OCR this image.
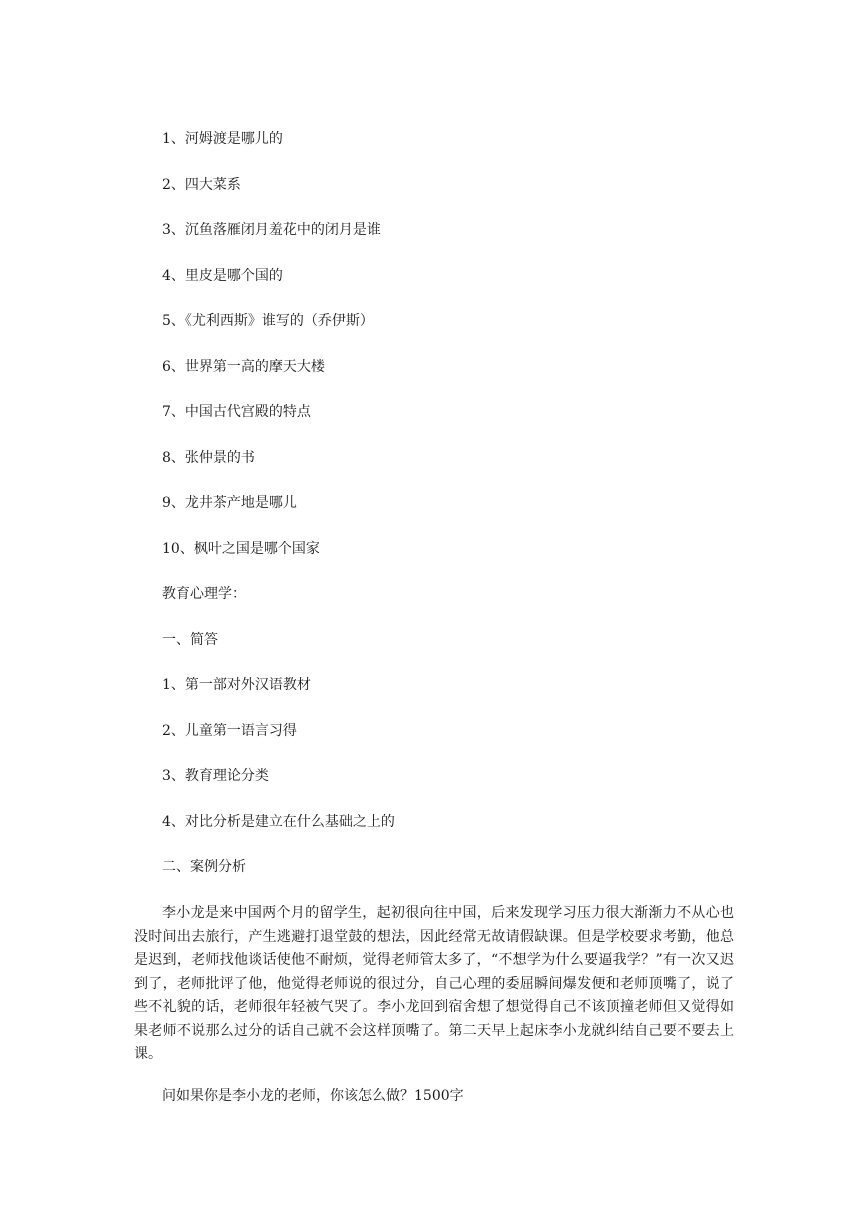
1、河姆渡是哪儿的
2、四大菜系
3、沉鱼落雁闭月羞花中的闭月是谁
4、里皮是哪个国的
5、《尤利西斯》谁写的（乔伊斯）
6、世界第一高的摩天大楼
7、中国古代宫殿的特点
8、张仲景的书
9、龙井茶产地是哪儿
10、枫叶之国是哪个国家
教育心理学：
一、简答
1、第一部对外汉语教材
2、儿童第一语言习得
3、教育理论分类
4、对比分析是建立在什么基础之上的
二、案例分析
李小龙是来中国两个月的留学生，起初很向往中国，后来发现学习压力很大渐渐力不从心也没时间出去旅行，产生逃避打退堂鼓的想法，因此经常无故请假缺课。但是学校要求考勤，他总是迟到，老师找他谈话使他不耐烦，觉得老师管太多了，“不想学为什么要逼我学？”有一次又迟到了，老师批评了他，他觉得老师说的很过分，自己心理的委屈瞬间爆发便和老师顶嘴了，说了些不礼貌的话，老师很年轻被气哭了。李小龙回到宿舍想了想觉得自己不该顶撞老师但又觉得如果老师不说那么过分的话自己就不会这样顶嘴了。第二天早上起床李小龙就纠结自己要不要去上课。
问如果你是李小龙的老师，你该怎么做？1500字
